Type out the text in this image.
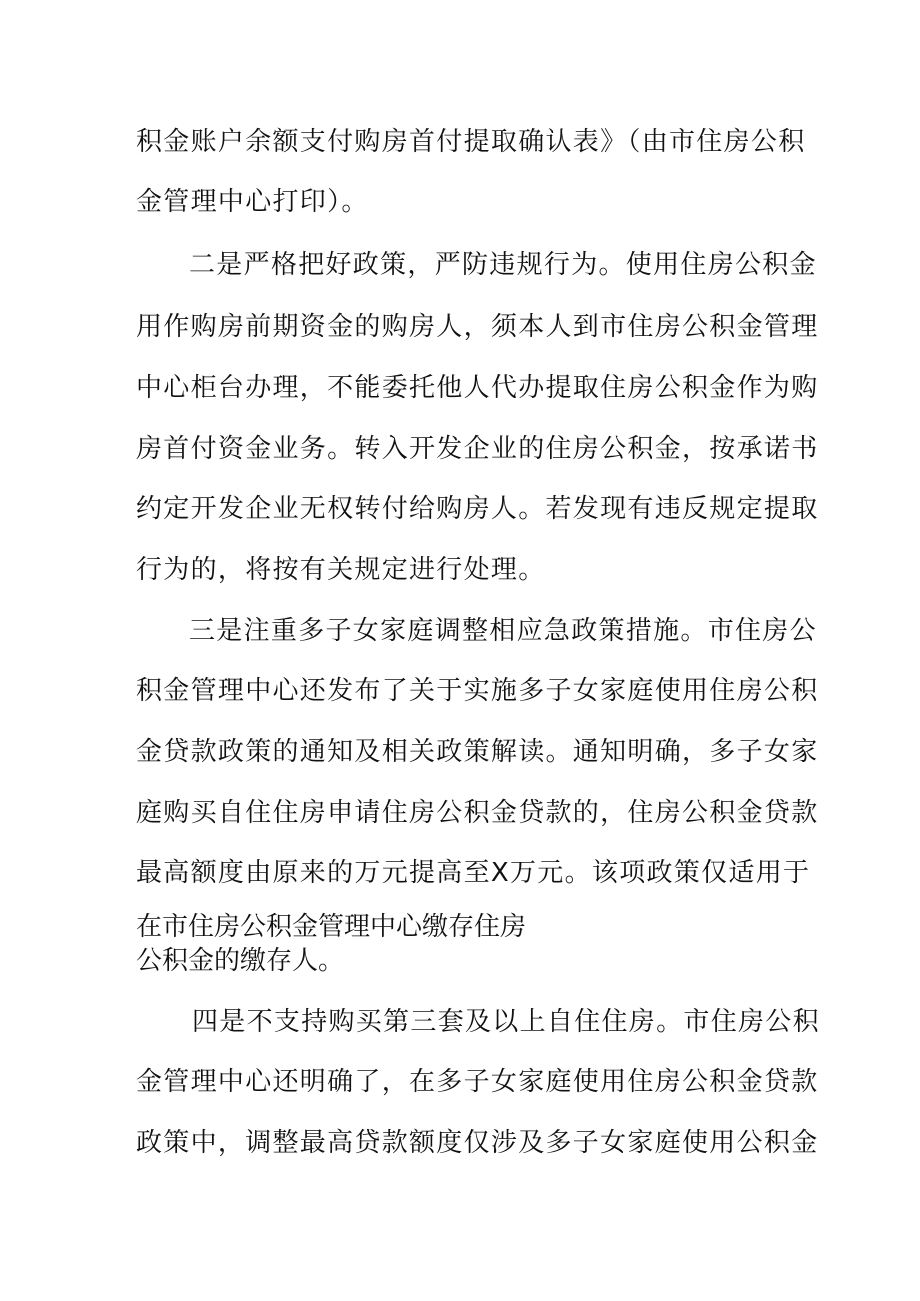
积金账户余额支付购房首付提取确认表》（由市住房公积
金管理中心打印）。
二是严格把好政策，严防违规行为。使用住房公积金
用作购房前期资金的购房人，须本人到市住房公积金管理
中心柜台办理，不能委托他人代办提取住房公积金作为购
房首付资金业务。转入开发企业的住房公积金，按承诺书
约定开发企业无权转付给购房人。若发现有违反规定提取
行为的，将按有关规定进行处理。
三是注重多子女家庭调整相应急政策措施。市住房公
积金管理中心还发布了关于实施多子女家庭使用住房公积
金贷款政策的通知及相关政策解读。通知明确，多子女家
庭购买自住住房申请住房公积金贷款的，住房公积金贷款
最高额度由原来的万元提高至X万元。该项政策仅适用于
在市住房公积金管理中心缴存住房
公积金的缴存人。
四是不支持购买第三套及以上自住住房。市住房公积
金管理中心还明确了，在多子女家庭使用住房公积金贷款
政策中，调整最高贷款额度仅涉及多子女家庭使用公积金
